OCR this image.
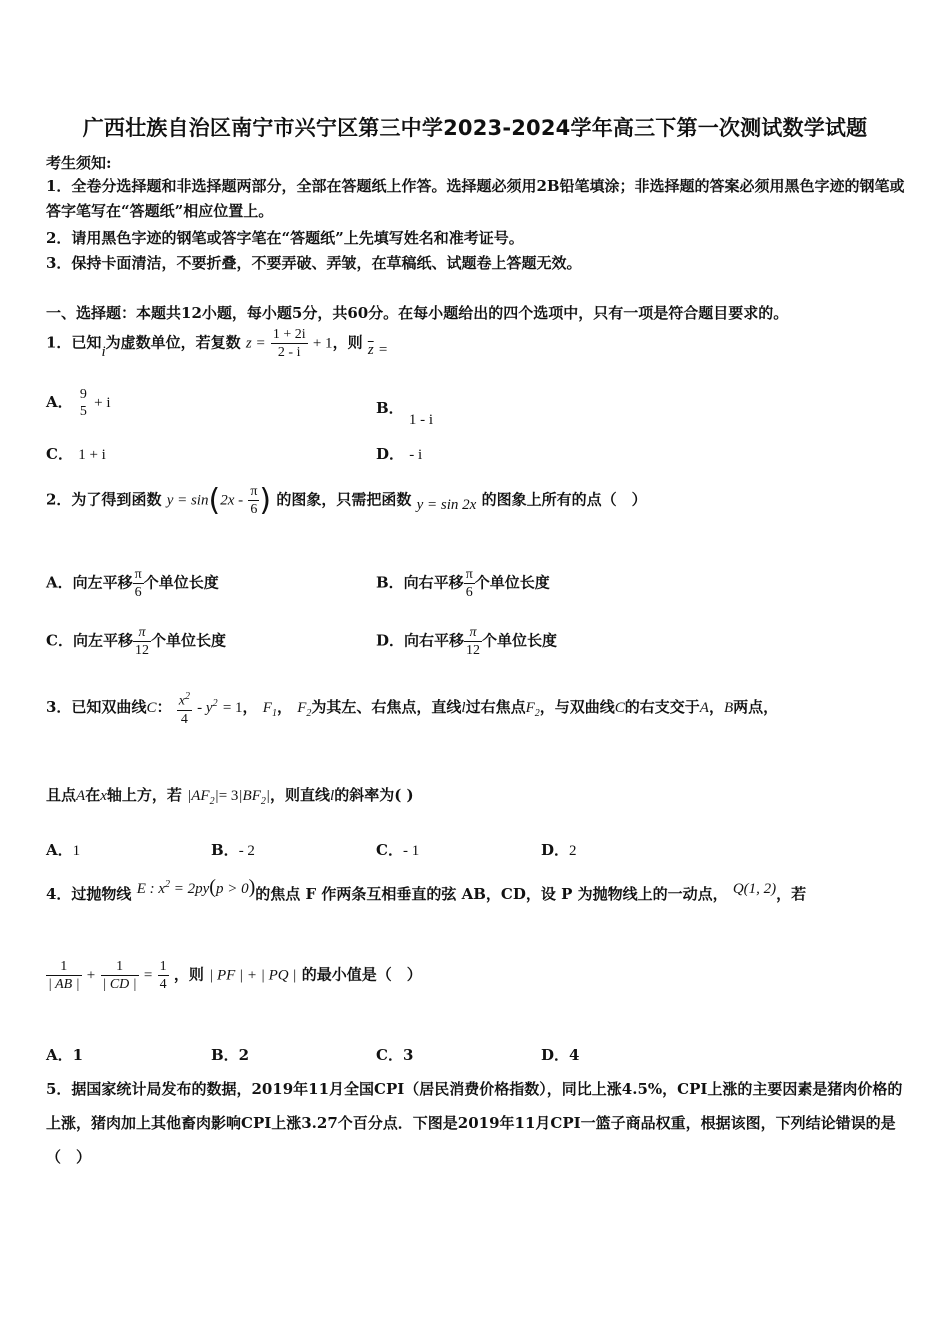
广西壮族自治区南宁市兴宁区第三中学2023-2024学年高三下第一次测试数学试题
考生须知:
1．全卷分选择题和非选择题两部分，全部在答题纸上作答。选择题必须用2B铅笔填涂；非选择题的答案必须用黑色字迹的钢笔或答字笔写在“答题纸”相应位置上。
2．请用黑色字迹的钢笔或答字笔在“答题纸”上先填写姓名和准考证号。
3．保持卡面清洁，不要折叠，不要弄破、弄皱，在草稿纸、试题卷上答题无效。
一、选择题：本题共12小题，每小题5分，共60分。在每小题给出的四个选项中，只有一项是符合题目要求的。
1．已知i为虚数单位，若复数 $z = \frac{1 + 2i}{2 - i} + 1$，则 $\overline{z}$ =
A． 9
5
+ i	B． 1 - i
C． 1 + i	D． - i
2．为了得到函数 $y = \sin(2x - \frac{\pi}{6}$ ) 的图象，只需把函数 y = sin 2x 的图象上所有的点（　）
A．向左平移 $\frac{\pi}{6}$ 个单位长度	B．向右平移 $\frac{\pi}{6}$ 个单位长度
C．向左平移 $\frac{\pi}{12}$ 个单位长度	D．向右平移 $\frac{\pi}{12}$ 个单位长度
3．已知双曲线C： $\frac{x^2}{4} - y^2 = 1$， $F_1$， $F_2$为其左、右焦点，直线l过右焦点$F_2$，与双曲线C的右支交于A，B两点，
且点A在x轴上方，若 $|AF_2|= 3|BF_2|$，则直线l的斜率为( )
A．1	B．- 2	C．- 1	D．2
4．过抛物线 E : $x^2 = 2py(p > 0)$的焦点 F 作两条互相垂直的弦 AB，CD，设 P 为抛物线上的一动点， Q(1, 2)，若
$\frac{1}{| AB |} + \frac{1}{| CD |} = \frac{1}{4}$ ，则 | PF | + | PQ | 的最小值是（　）
A．1	B．2	C．3	D．4
5．据国家统计局发布的数据，2019年11月全国CPI（居民消费价格指数），同比上涨4.5%，CPI上涨的主要因素是猪肉价格的上涨，猪肉加上其他畜肉影响CPI上涨3.27个百分点．下图是2019年11月CPI一篮子商品权重，根据该图，下列结论错误的是（　）
